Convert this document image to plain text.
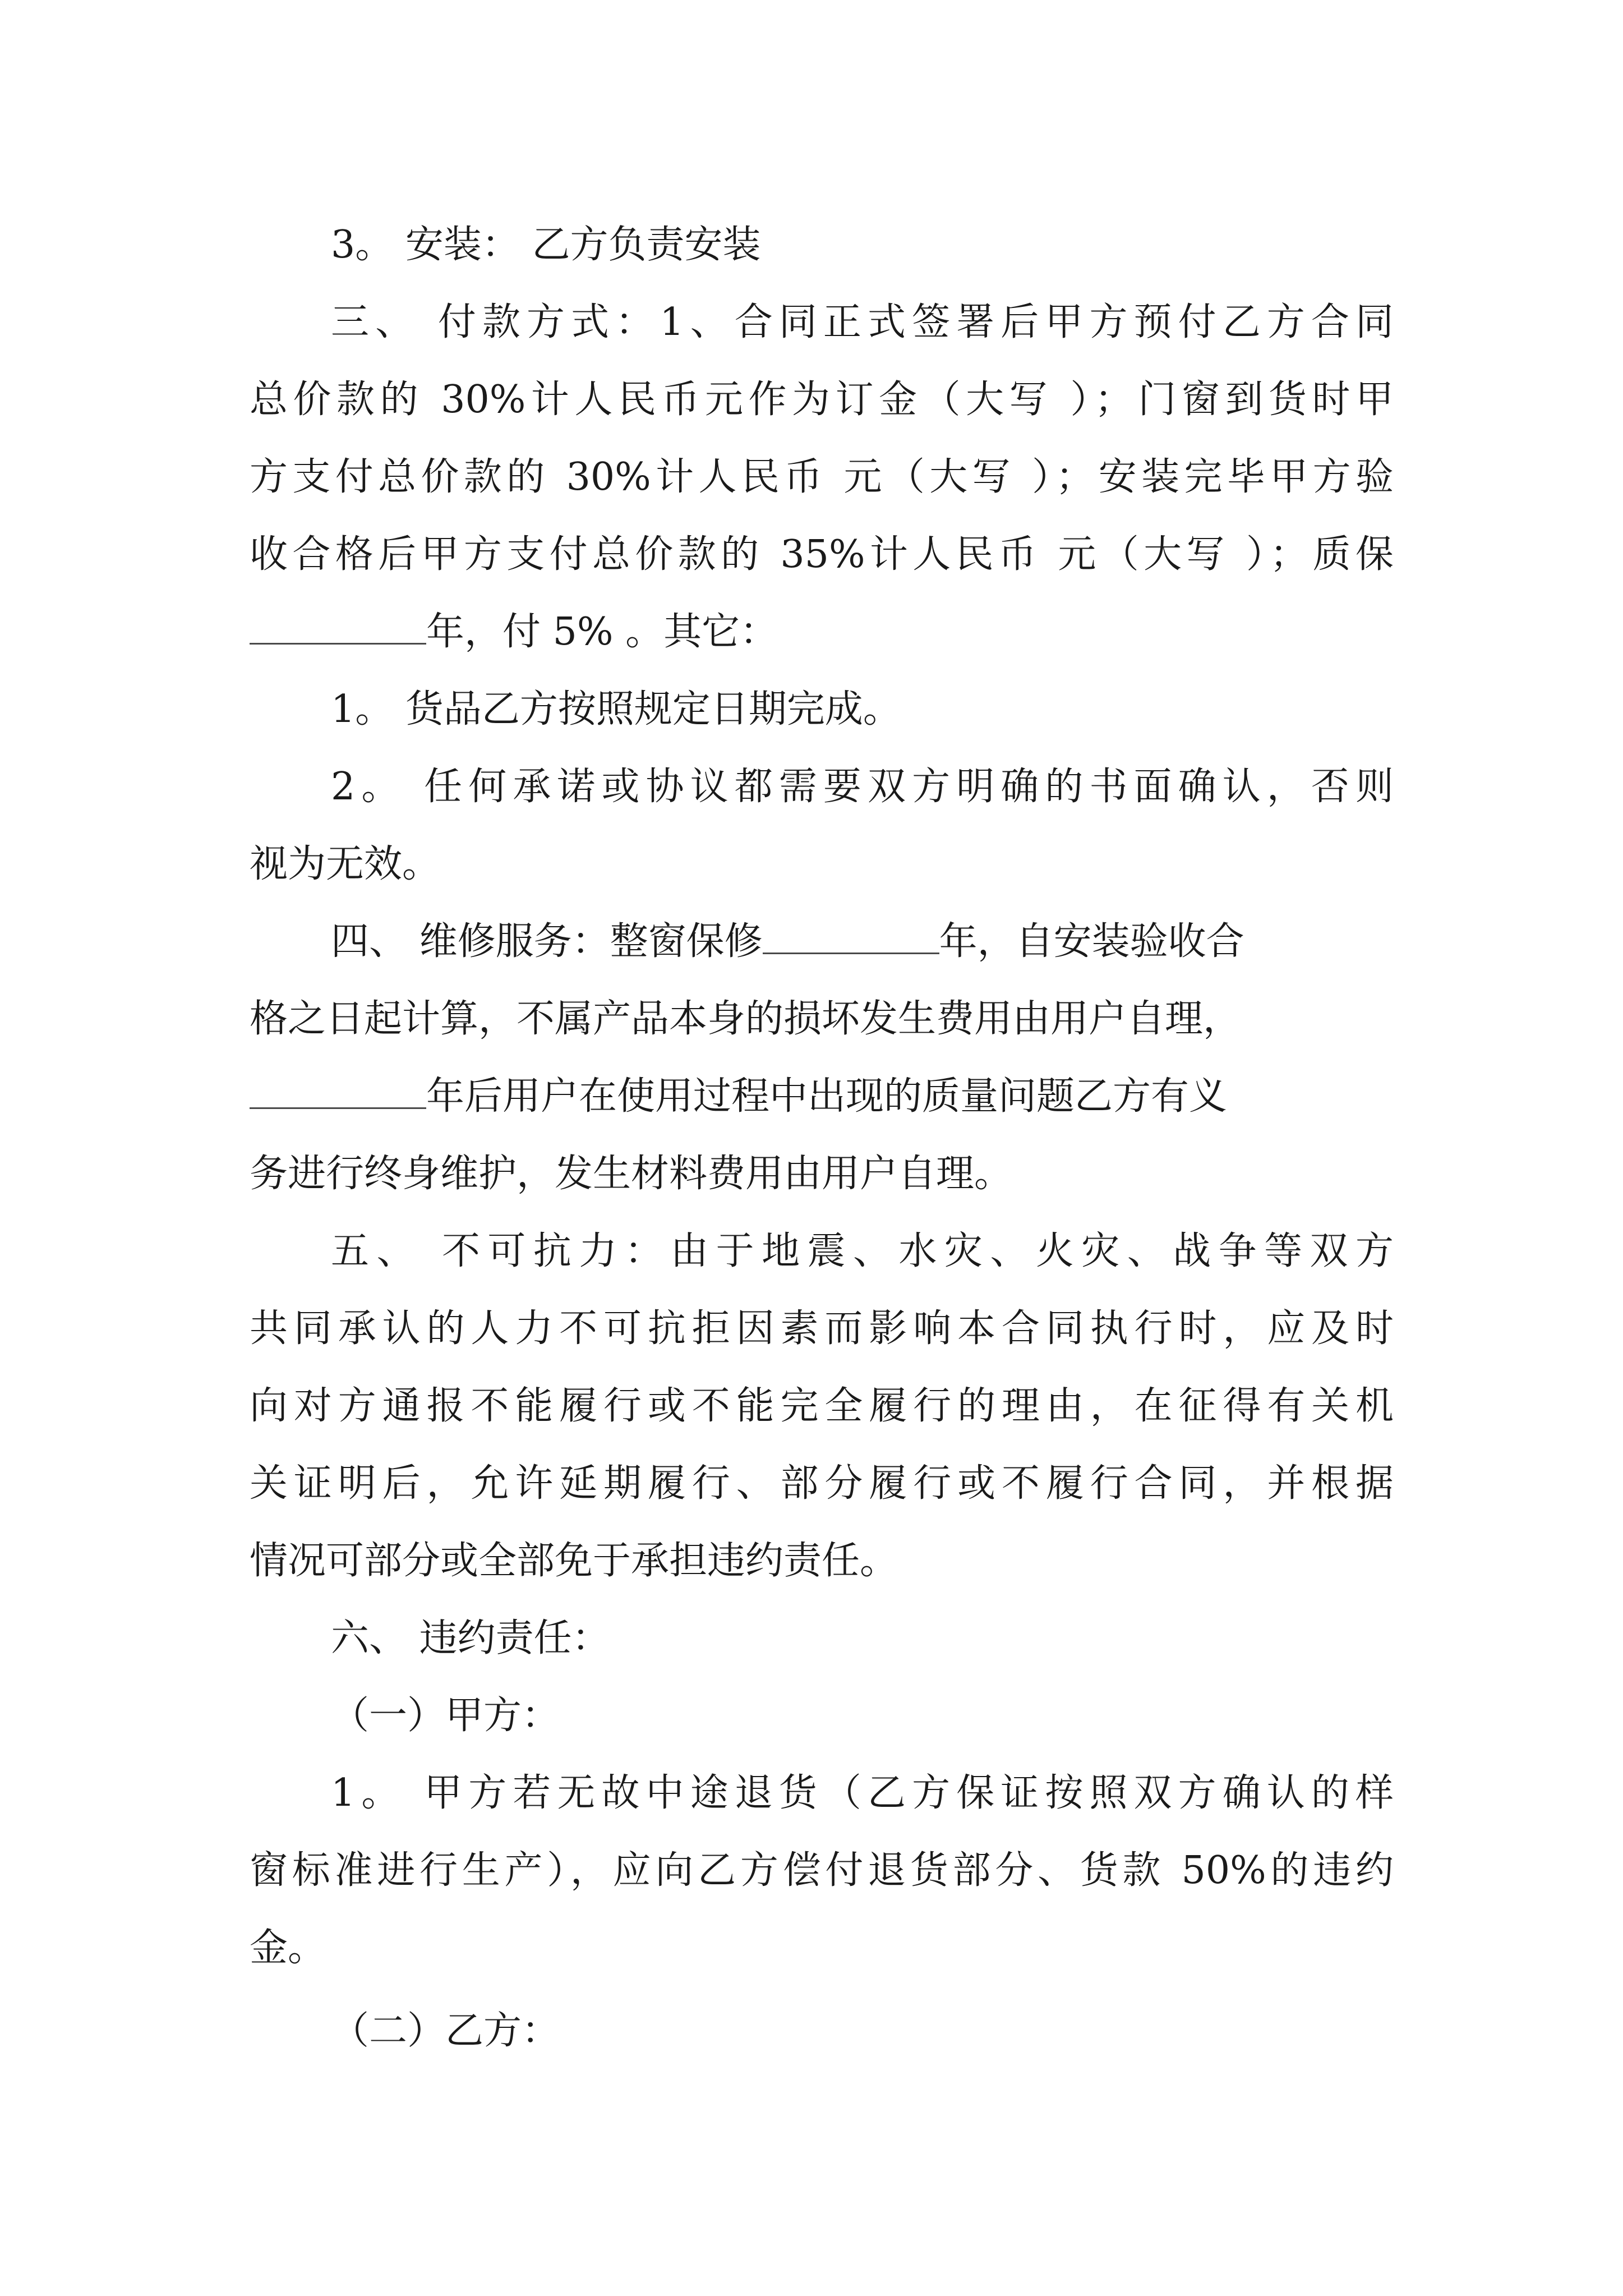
3。 安装： 乙方负责安装
三、 付款方式：1、合同正式签署后甲方预付乙方合同
总价款的 30%计人民币元作为订金（大写 ）；门窗到货时甲
方支付总价款的 30%计人民币 元（大写 ）；安装完毕甲方验
收合格后甲方支付总价款的 35%计人民币 元（大写 ）；质保
年，付 5% 。其它：
1。 货品乙方按照规定日期完成。
2。 任何承诺或协议都需要双方明确的书面确认，否则
视为无效。
四、 维修服务：整窗保修	年，自安装验收合
格之日起计算，不属产品本身的损坏发生费用由用户自理，
年后用户在使用过程中出现的质量问题乙方有义
务进行终身维护，发生材料费用由用户自理。
五、 不可抗力：由于地震、水灾、火灾、战争等双方
共同承认的人力不可抗拒因素而影响本合同执行时，应及时
向对方通报不能履行或不能完全履行的理由，在征得有关机
关证明后，允许延期履行、部分履行或不履行合同，并根据
情况可部分或全部免于承担违约责任。
六、 违约责任：
（一）甲方：
1。 甲方若无故中途退货（乙方保证按照双方确认的样
窗标准进行生产），应向乙方偿付退货部分、货款 50%的违约
金。
（二）乙方：
